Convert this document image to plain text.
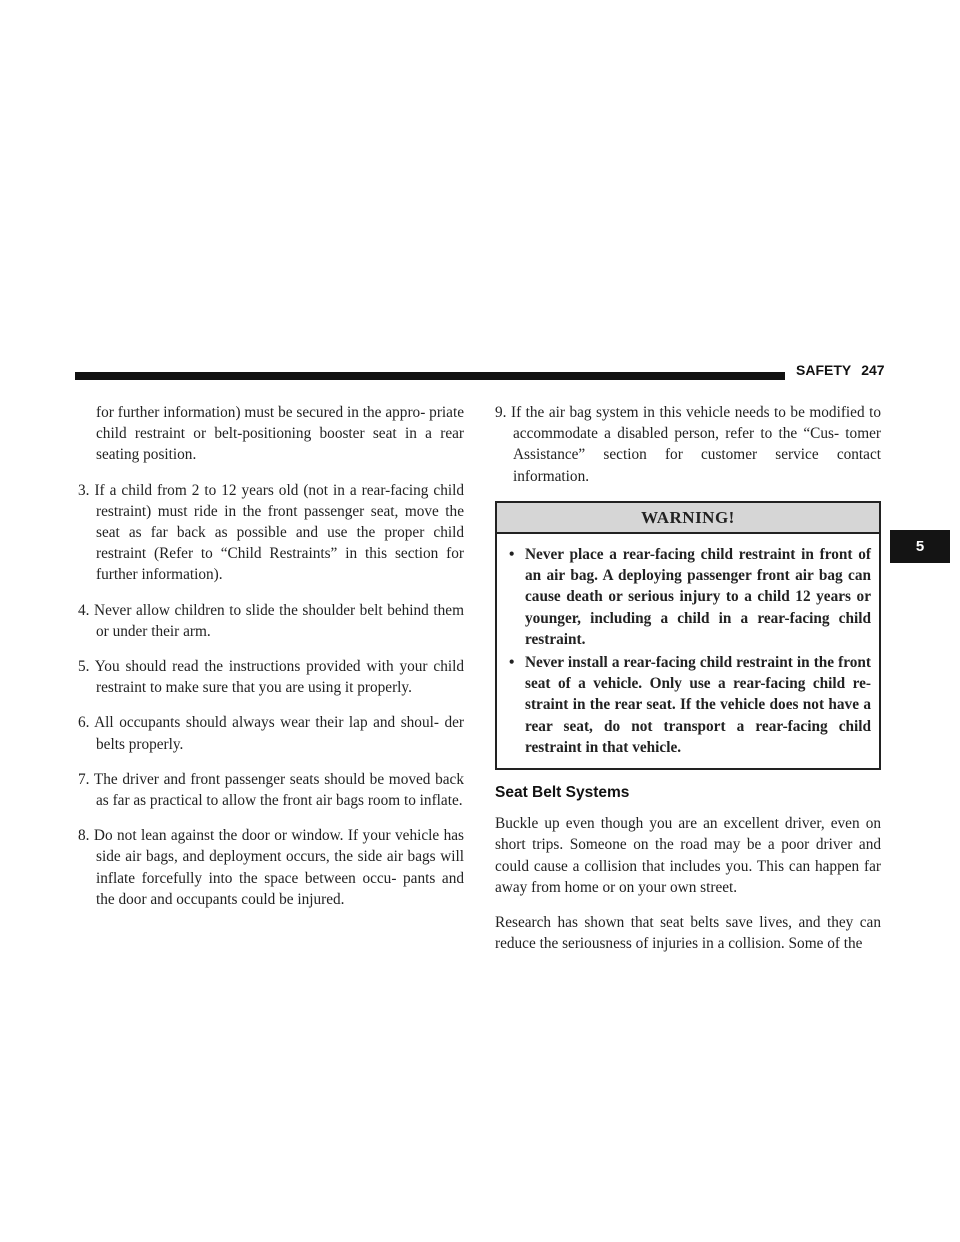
SAFETY 247

for further information) must be secured in the appro- priate child restraint or belt-positioning booster seat in a rear seating position.

3. If a child from 2 to 12 years old (not in a rear-facing child restraint) must ride in the front passenger seat, move the seat as far back as possible and use the proper child restraint (Refer to “Child Restraints” in this section for further information).

4. Never allow children to slide the shoulder belt behind them or under their arm.

5. You should read the instructions provided with your child restraint to make sure that you are using it properly.

6. All occupants should always wear their lap and shoul- der belts properly.

7. The driver and front passenger seats should be moved back as far as practical to allow the front air bags room to inflate.

8. Do not lean against the door or window. If your vehicle has side air bags, and deployment occurs, the side air bags will inflate forcefully into the space between occu- pants and the door and occupants could be injured.

9. If the air bag system in this vehicle needs to be modified to accommodate a disabled person, refer to the “Cus- tomer Assistance” section for customer service contact information.

WARNING!
• Never place a rear-facing child restraint in front of an air bag. A deploying passenger front air bag can cause death or serious injury to a child 12 years or younger, including a child in a rear-facing child restraint.
• Never install a rear-facing child restraint in the front seat of a vehicle. Only use a rear-facing child re- straint in the rear seat. If the vehicle does not have a rear seat, do not transport a rear-facing child restraint in that vehicle.
Seat Belt Systems

Buckle up even though you are an excellent driver, even on short trips. Someone on the road may be a poor driver and could cause a collision that includes you. This can happen far away from home or on your own street.

Research has shown that seat belts save lives, and they can reduce the seriousness of injuries in a collision. Some of the

5
